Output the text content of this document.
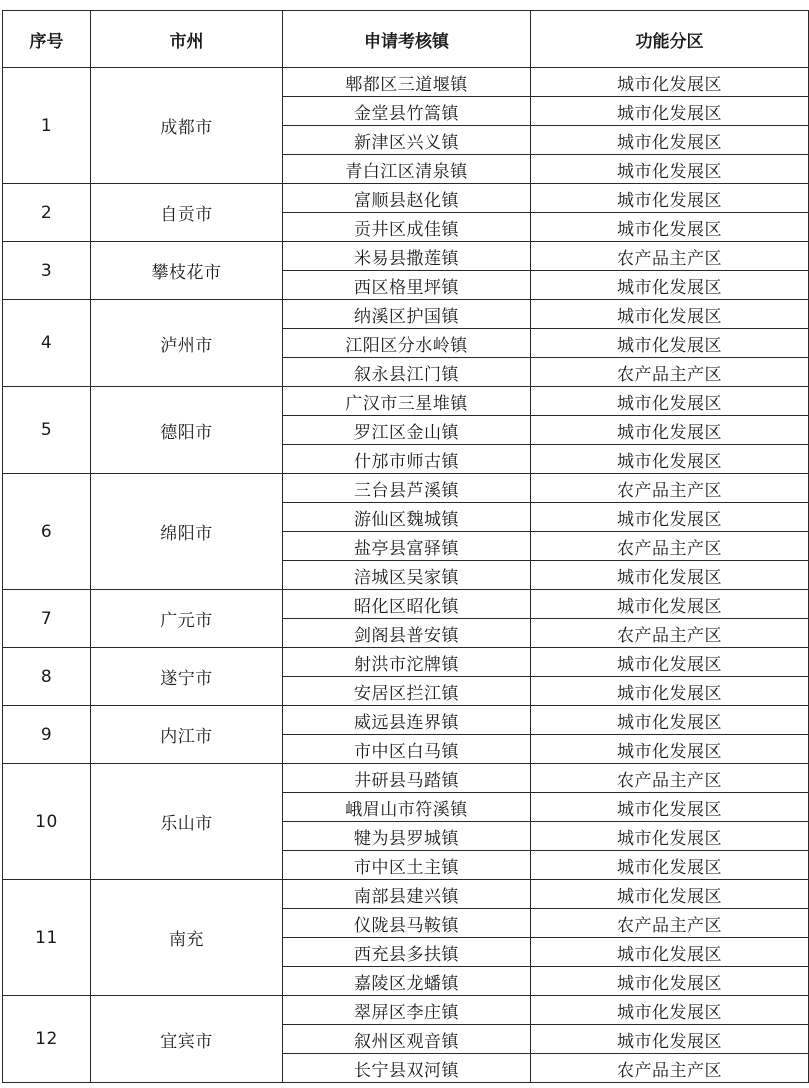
序号	市州	申请考核镇	功能分区
1	成都市	郫都区三道堰镇	城市化发展区
		金堂县竹篙镇	城市化发展区
		新津区兴义镇	城市化发展区
		青白江区清泉镇	城市化发展区
2	自贡市	富顺县赵化镇	城市化发展区
		贡井区成佳镇	城市化发展区
3	攀枝花市	米易县撒莲镇	农产品主产区
		西区格里坪镇	城市化发展区
4	泸州市	纳溪区护国镇	城市化发展区
		江阳区分水岭镇	城市化发展区
		叙永县江门镇	农产品主产区
5	德阳市	广汉市三星堆镇	城市化发展区
		罗江区金山镇	城市化发展区
		什邡市师古镇	城市化发展区
6	绵阳市	三台县芦溪镇	农产品主产区
		游仙区魏城镇	城市化发展区
		盐亭县富驿镇	农产品主产区
		涪城区吴家镇	城市化发展区
7	广元市	昭化区昭化镇	城市化发展区
		剑阁县普安镇	农产品主产区
8	遂宁市	射洪市沱牌镇	城市化发展区
		安居区拦江镇	城市化发展区
9	内江市	威远县连界镇	城市化发展区
		市中区白马镇	城市化发展区
10	乐山市	井研县马踏镇	农产品主产区
		峨眉山市符溪镇	城市化发展区
		犍为县罗城镇	城市化发展区
		市中区土主镇	城市化发展区
11	南充	南部县建兴镇	城市化发展区
		仪陇县马鞍镇	农产品主产区
		西充县多扶镇	城市化发展区
		嘉陵区龙蟠镇	城市化发展区
12	宜宾市	翠屏区李庄镇	城市化发展区
		叙州区观音镇	城市化发展区
		长宁县双河镇	农产品主产区
